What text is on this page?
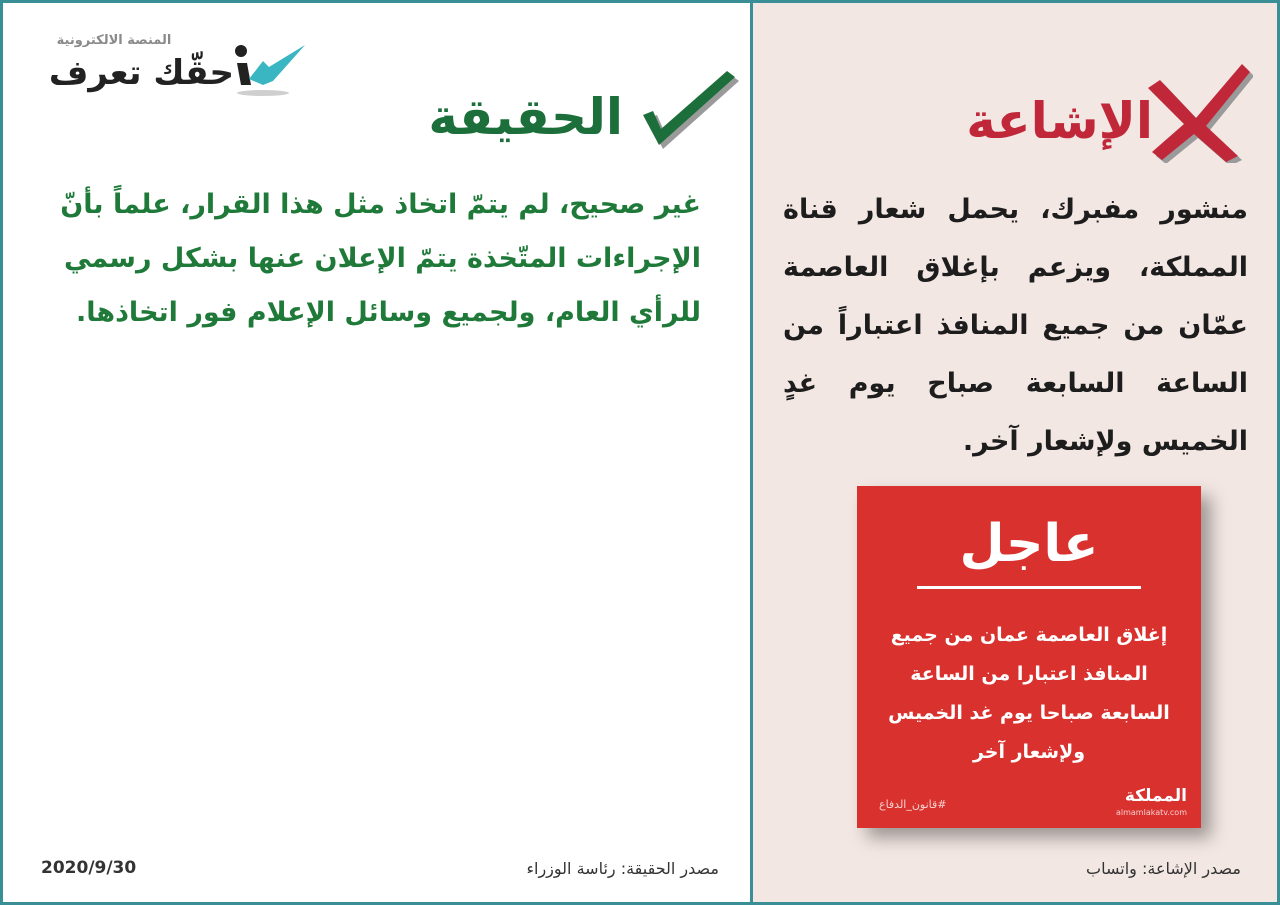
المنصة الالكترونية
حقّك تعرف
الحقيقة
غير صحيح، لم يتمّ اتخاذ مثل هذا القرار، علماً بأنّ الإجراءات المتّخذة يتمّ الإعلان عنها بشكل رسمي للرأي العام، ولجميع وسائل الإعلام فور اتخاذها.
2020/9/30	مصدر الحقيقة: رئاسة الوزراء
الإشاعة
منشور مفبرك، يحمل شعار قناة المملكة، ويزعم بإغلاق العاصمة عمّان من جميع المنافذ اعتباراً من الساعة السابعة صباح يوم غدٍ الخميس ولإشعار آخر.
عاجل
إغلاق العاصمة عمان من جميع المنافذ اعتبارا من الساعة السابعة صباحا يوم غد الخميس ولإشعار آخر
#قانون_الدفاع	المملكة
almamlakatv.com
مصدر الإشاعة: واتساب
